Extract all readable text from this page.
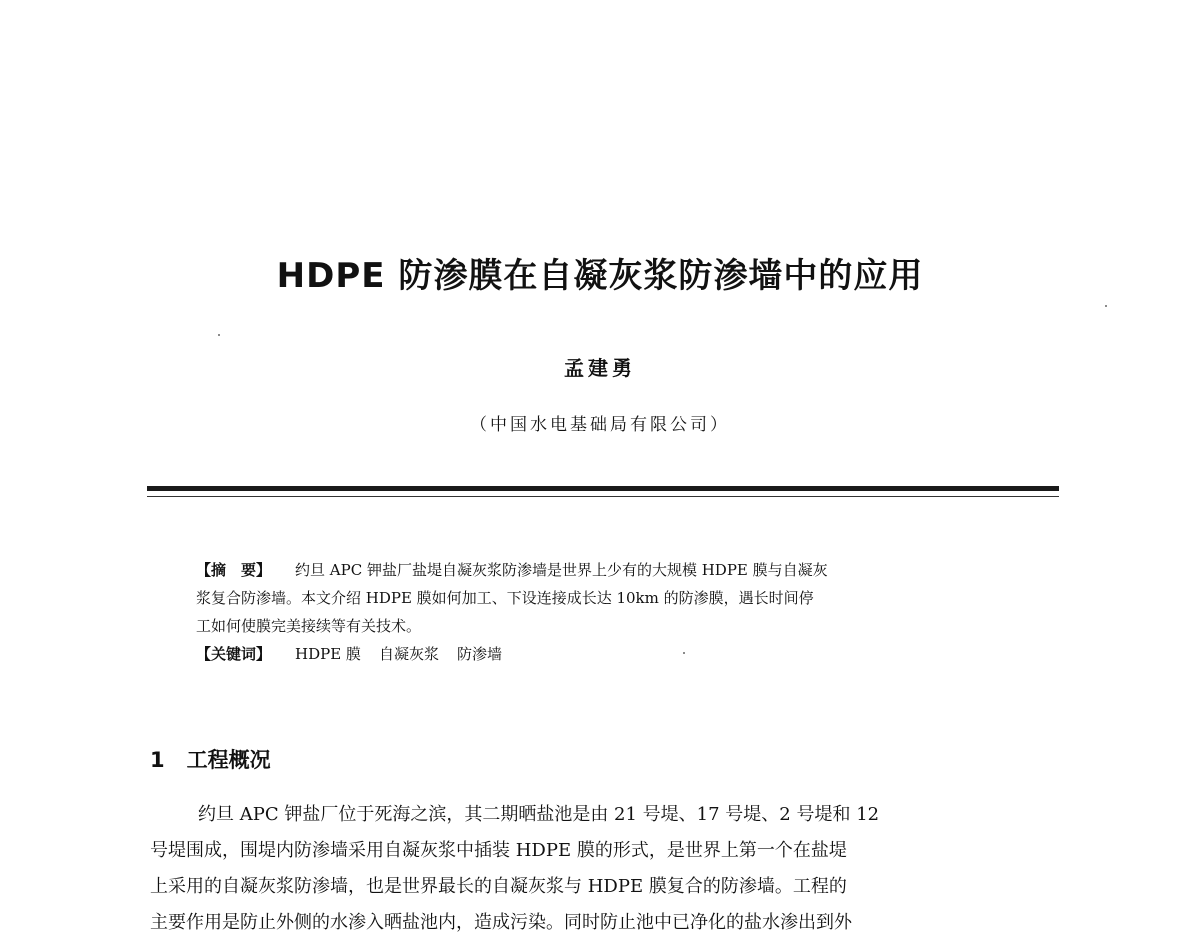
HDPE 防渗膜在自凝灰浆防渗墙中的应用
孟建勇
（中国水电基础局有限公司）
【摘　要】 约旦 APC 钾盐厂盐堤自凝灰浆防渗墙是世界上少有的大规模 HDPE 膜与自凝灰
浆复合防渗墙。本文介绍 HDPE 膜如何加工、下设连接成长达 10km 的防渗膜，遇长时间停
工如何使膜完美接续等有关技术。
【关键词】 HDPE 膜 自凝灰浆 防渗墙
1 工程概况
约旦 APC 钾盐厂位于死海之滨，其二期晒盐池是由 21 号堤、17 号堤、2 号堤和 12
号堤围成，围堤内防渗墙采用自凝灰浆中插装 HDPE 膜的形式，是世界上第一个在盐堤
上采用的自凝灰浆防渗墙，也是世界最长的自凝灰浆与 HDPE 膜复合的防渗墙。工程的
主要作用是防止外侧的水渗入晒盐池内，造成污染。同时防止池中已净化的盐水渗出到外
